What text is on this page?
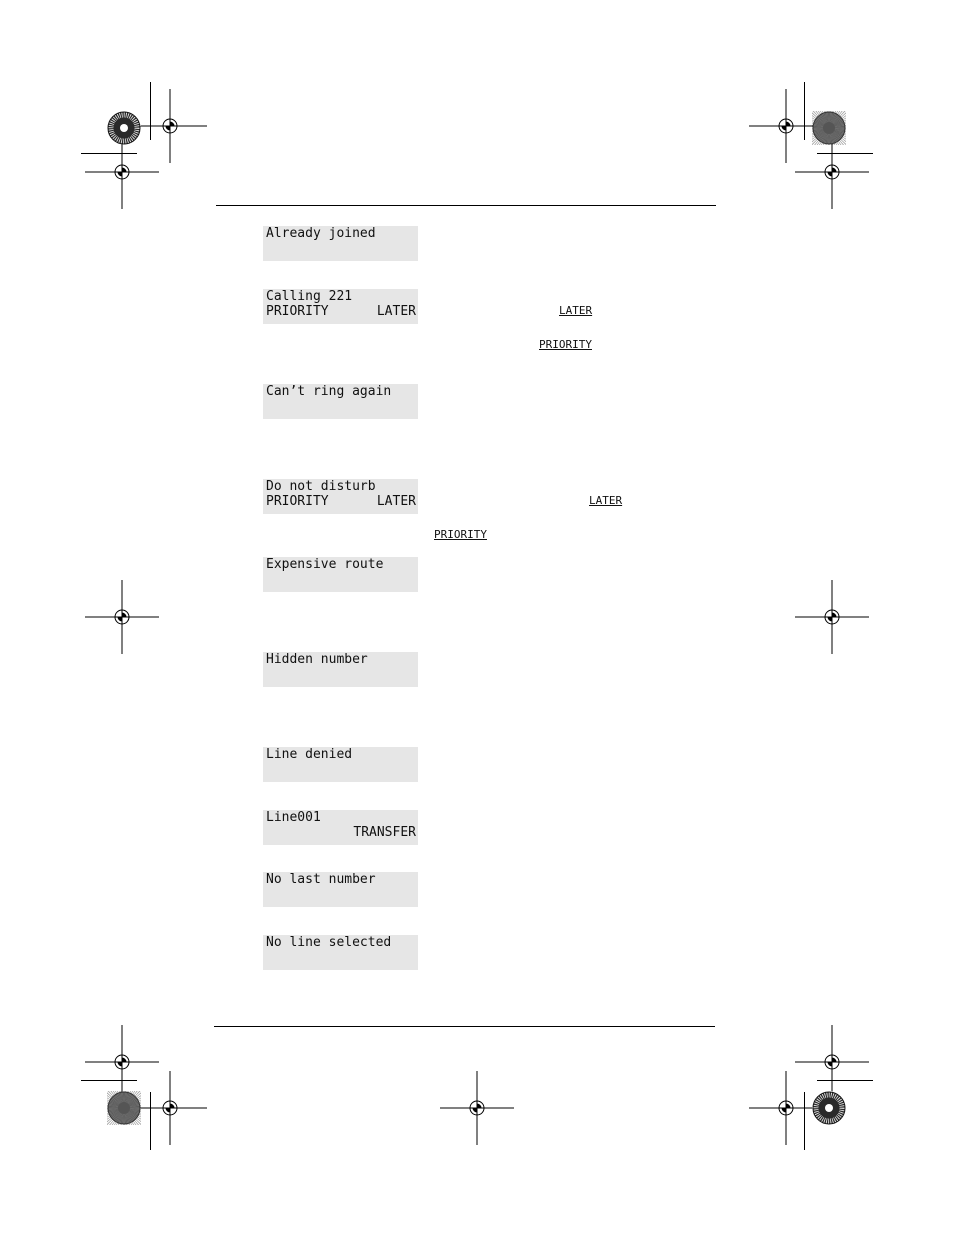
Already joined
Calling 221
PRIORITY	LATER
Can’t ring again
Do not disturb
PRIORITY	LATER
Expensive route
Hidden number
Line denied
Line001
TRANSFER
No last number
No line selected
LATER
PRIORITY
LATER
PRIORITY
